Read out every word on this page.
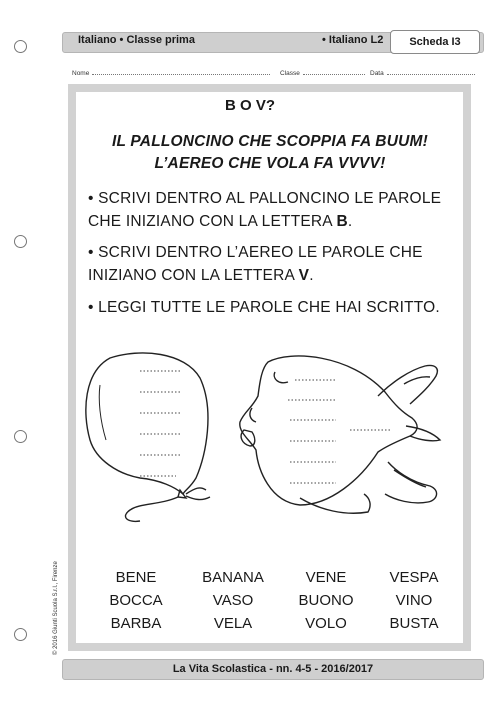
Italiano • Classe prima	• Italiano L2	Scheda I3
Nome	Classe	Data
B O V?
IL PALLONCINO CHE SCOPPIA FA BUUM!
L’AEREO CHE VOLA FA VVVV!
• SCRIVI DENTRO AL PALLONCINO LE PAROLE CHE INIZIANO CON LA LETTERA B.
• SCRIVI DENTRO L’AEREO LE PAROLE CHE INIZIANO CON LA LETTERA V.
• LEGGI TUTTE LE PAROLE CHE HAI SCRITTO.
BENE	BANANA	VENE	VESPA
BOCCA	VASO	BUONO	VINO
BARBA	VELA	VOLO	BUSTA
© 2016 Giunti Scuola S.r.l., Firenze
La Vita Scolastica - nn. 4-5 - 2016/2017
